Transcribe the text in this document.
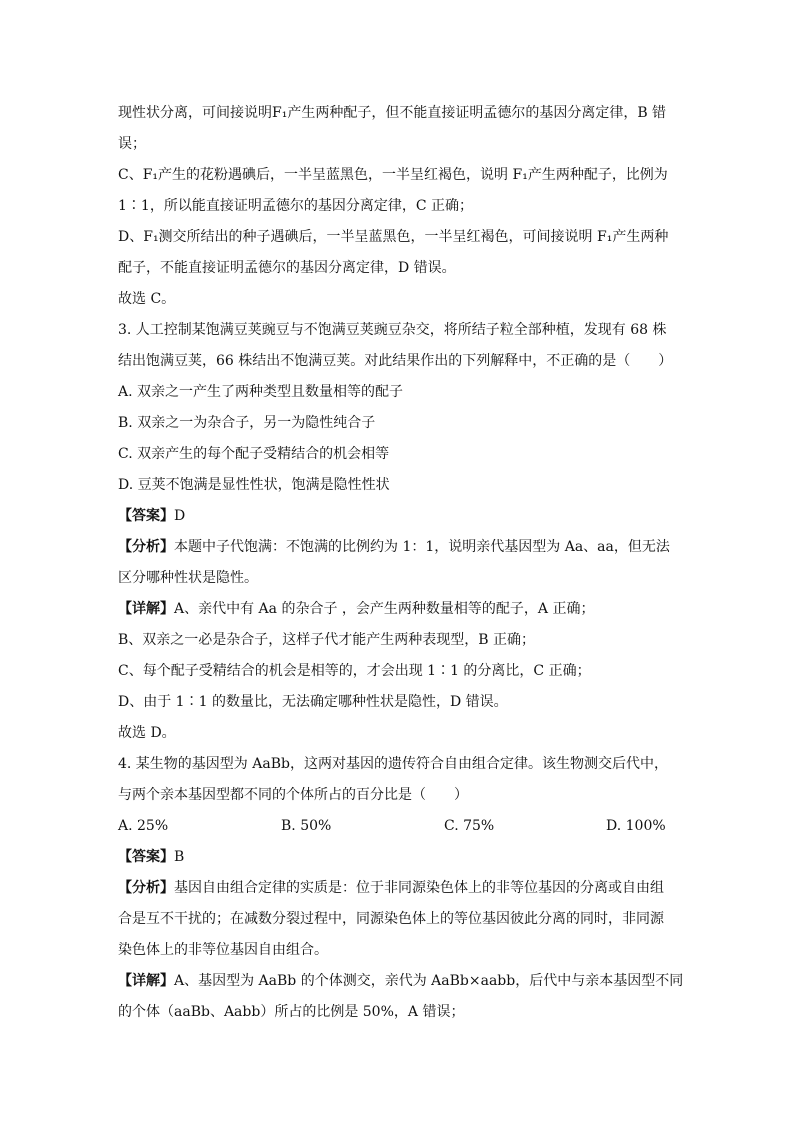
现性状分离，可间接说明F₁产生两种配子，但不能直接证明孟德尔的基因分离定律，B 错
误；
C、F₁产生的花粉遇碘后，一半呈蓝黑色，一半呈红褐色，说明 F₁产生两种配子，比例为
1∶1，所以能直接证明孟德尔的基因分离定律，C 正确；
D、F₁测交所结出的种子遇碘后，一半呈蓝黑色，一半呈红褐色，可间接说明 F₁产生两种
配子，不能直接证明孟德尔的基因分离定律，D 错误。
故选 C。
3. 人工控制某饱满豆荚豌豆与不饱满豆荚豌豆杂交，将所结子粒全部种植，发现有 68 株
结出饱满豆荚，66 株结出不饱满豆荚。对此结果作出的下列解释中，不正确的是（　　）
A. 双亲之一产生了两种类型且数量相等的配子
B. 双亲之一为杂合子，另一为隐性纯合子
C. 双亲产生的每个配子受精结合的机会相等
D. 豆荚不饱满是显性性状，饱满是隐性性状
【答案】D
【分析】本题中子代饱满：不饱满的比例约为 1：1，说明亲代基因型为 Aa、aa，但无法
区分哪种性状是隐性。
【详解】A、亲代中有 Aa 的杂合子 ，会产生两种数量相等的配子，A 正确；
B、双亲之一必是杂合子，这样子代才能产生两种表现型，B 正确；
C、每个配子受精结合的机会是相等的，才会出现 1∶1 的分离比，C 正确；
D、由于 1∶1 的数量比，无法确定哪种性状是隐性，D 错误。
故选 D。
4. 某生物的基因型为 AaBb，这两对基因的遗传符合自由组合定律。该生物测交后代中，
与两个亲本基因型都不同的个体所占的百分比是（　　）
A. 25%	B. 50%	C. 75%	D. 100%
【答案】B
【分析】基因自由组合定律的实质是：位于非同源染色体上的非等位基因的分离或自由组
合是互不干扰的；在减数分裂过程中，同源染色体上的等位基因彼此分离的同时，非同源
染色体上的非等位基因自由组合。
【详解】A、基因型为 AaBb 的个体测交，亲代为 AaBb×aabb，后代中与亲本基因型不同
的个体（aaBb、Aabb）所占的比例是 50%，A 错误；
